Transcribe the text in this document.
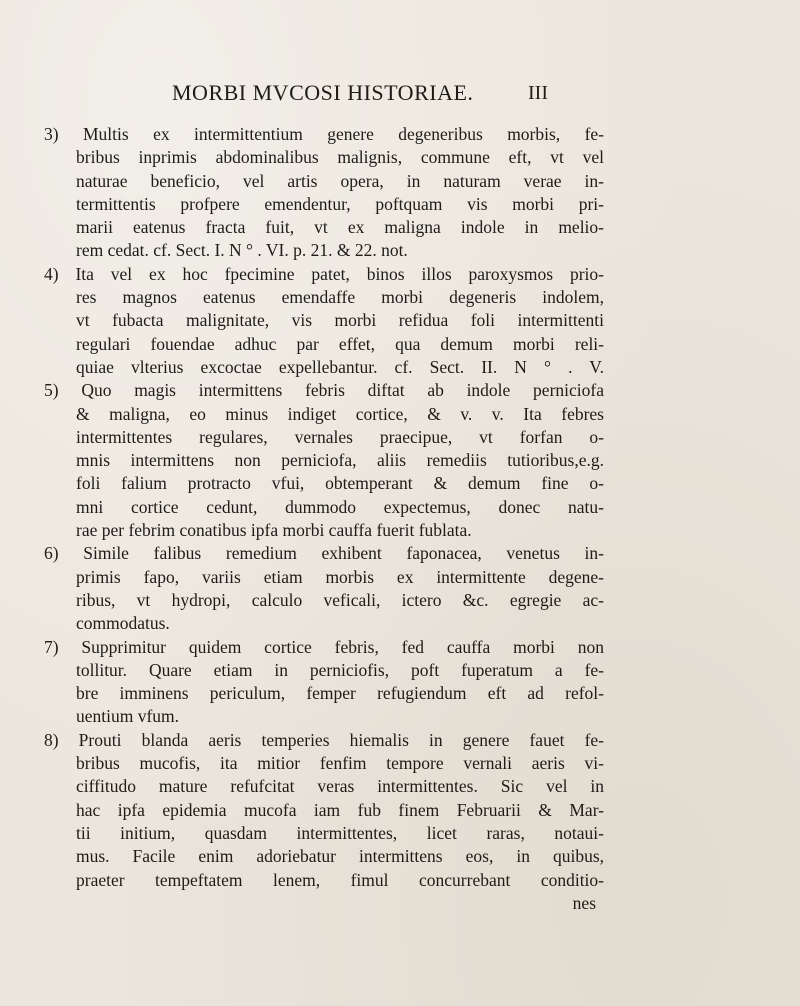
MORBI MVCOSI HISTORIAE.	III
3) Multis ex intermittentium genere degeneribus morbis, fe-
bribus inprimis abdominalibus malignis, commune eft, vt vel
naturae beneficio, vel artis opera, in naturam verae in-
termittentis profpere emendentur, poftquam vis morbi pri-
marii eatenus fracta fuit, vt ex maligna indole in melio-
rem cedat. cf. Sect. I. N ° . VI. p. 21. & 22. not.
4) Ita vel ex hoc fpecimine patet, binos illos paroxysmos prio-
res magnos eatenus emendaffe morbi degeneris indolem,
vt fubacta malignitate, vis morbi refidua foli intermittenti
regulari fouendae adhuc par effet, qua demum morbi reli-
quiae vlterius excoctae expellebantur. cf. Sect. II. N ° . V.
5) Quo magis intermittens febris diftat ab indole perniciofa
& maligna, eo minus indiget cortice, & v. v. Ita febres
intermittentes regulares, vernales praecipue, vt forfan o-
mnis intermittens non perniciofa, aliis remediis tutioribus,e.g.
foli falium protracto vfui, obtemperant & demum fine o-
mni cortice cedunt, dummodo expectemus, donec natu-
rae per febrim conatibus ipfa morbi cauffa fuerit fublata.
6) Simile falibus remedium exhibent faponacea, venetus in-
primis fapo, variis etiam morbis ex intermittente degene-
ribus, vt hydropi, calculo veficali, ictero &c. egregie ac-
commodatus.
7) Supprimitur quidem cortice febris, fed cauffa morbi non
tollitur. Quare etiam in perniciofis, poft fuperatum a fe-
bre imminens periculum, femper refugiendum eft ad refol-
uentium vfum.
8) Prouti blanda aeris temperies hiemalis in genere fauet fe-
bribus mucofis, ita mitior fenfim tempore vernali aeris vi-
ciffitudo mature refufcitat veras intermittentes. Sic vel in
hac ipfa epidemia mucofa iam fub finem Februarii & Mar-
tii initium, quasdam intermittentes, licet raras, notaui-
mus. Facile enim adoriebatur intermittens eos, in quibus,
praeter tempeftatem lenem, fimul concurrebant conditio-
nes
